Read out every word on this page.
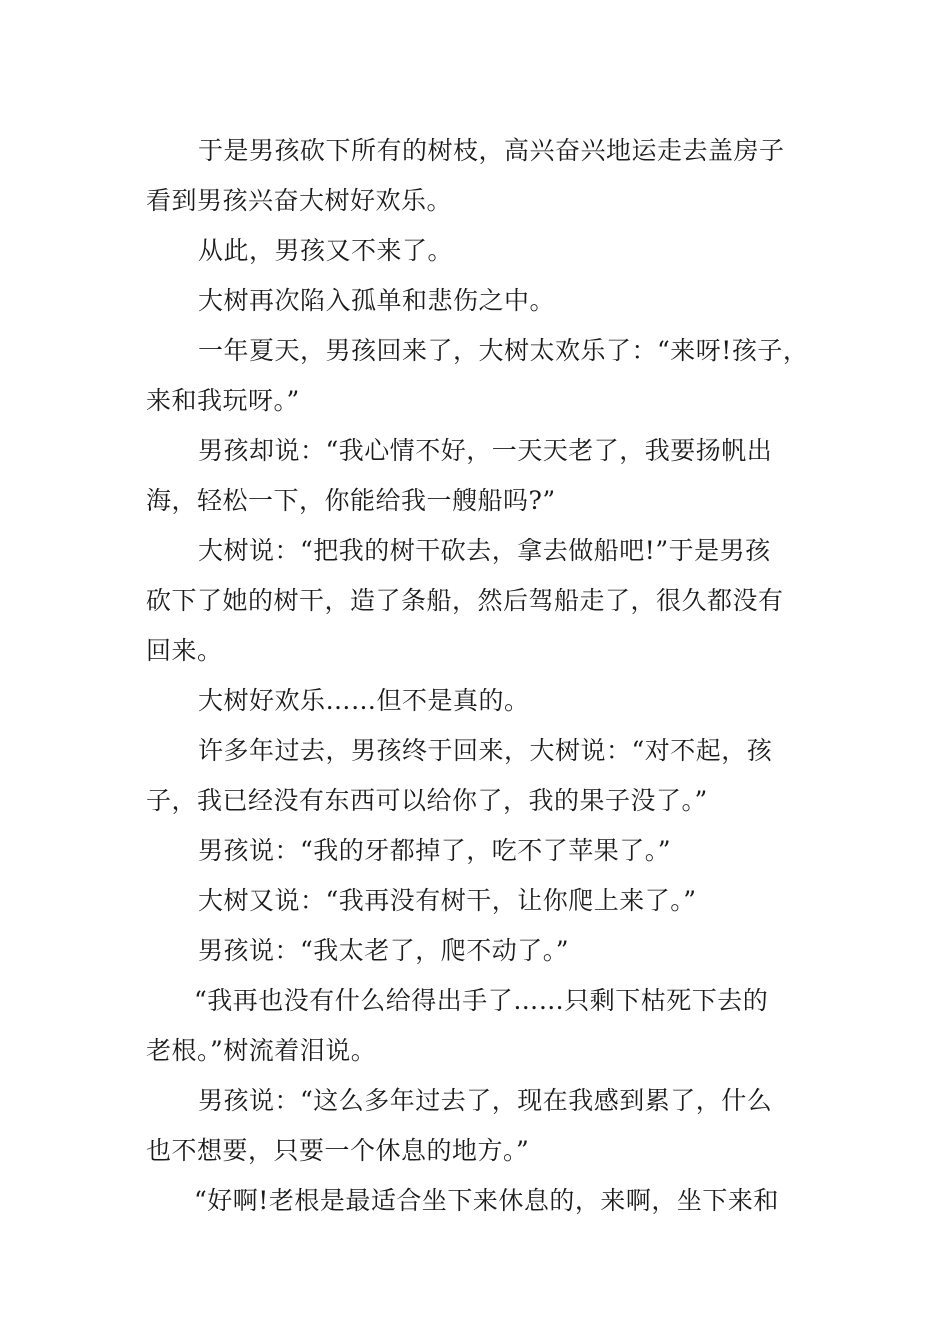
于是男孩砍下所有的树枝，高兴奋兴地运走去盖房子
看到男孩兴奋大树好欢乐。
从此，男孩又不来了。
大树再次陷入孤单和悲伤之中。
一年夏天，男孩回来了，大树太欢乐了：“来呀!孩子，
来和我玩呀。”
男孩却说：“我心情不好，一天天老了，我要扬帆出
海，轻松一下，你能给我一艘船吗?”
大树说：“把我的树干砍去，拿去做船吧!”于是男孩
砍下了她的树干，造了条船，然后驾船走了，很久都没有
回来。
大树好欢乐……但不是真的。
许多年过去，男孩终于回来，大树说：“对不起，孩
子，我已经没有东西可以给你了，我的果子没了。”
男孩说：“我的牙都掉了，吃不了苹果了。”
大树又说：“我再没有树干，让你爬上来了。”
男孩说：“我太老了，爬不动了。”
“我再也没有什么给得出手了……只剩下枯死下去的
老根。”树流着泪说。
男孩说：“这么多年过去了，现在我感到累了，什么
也不想要，只要一个休息的地方。”
“好啊!老根是最适合坐下来休息的，来啊，坐下来和
